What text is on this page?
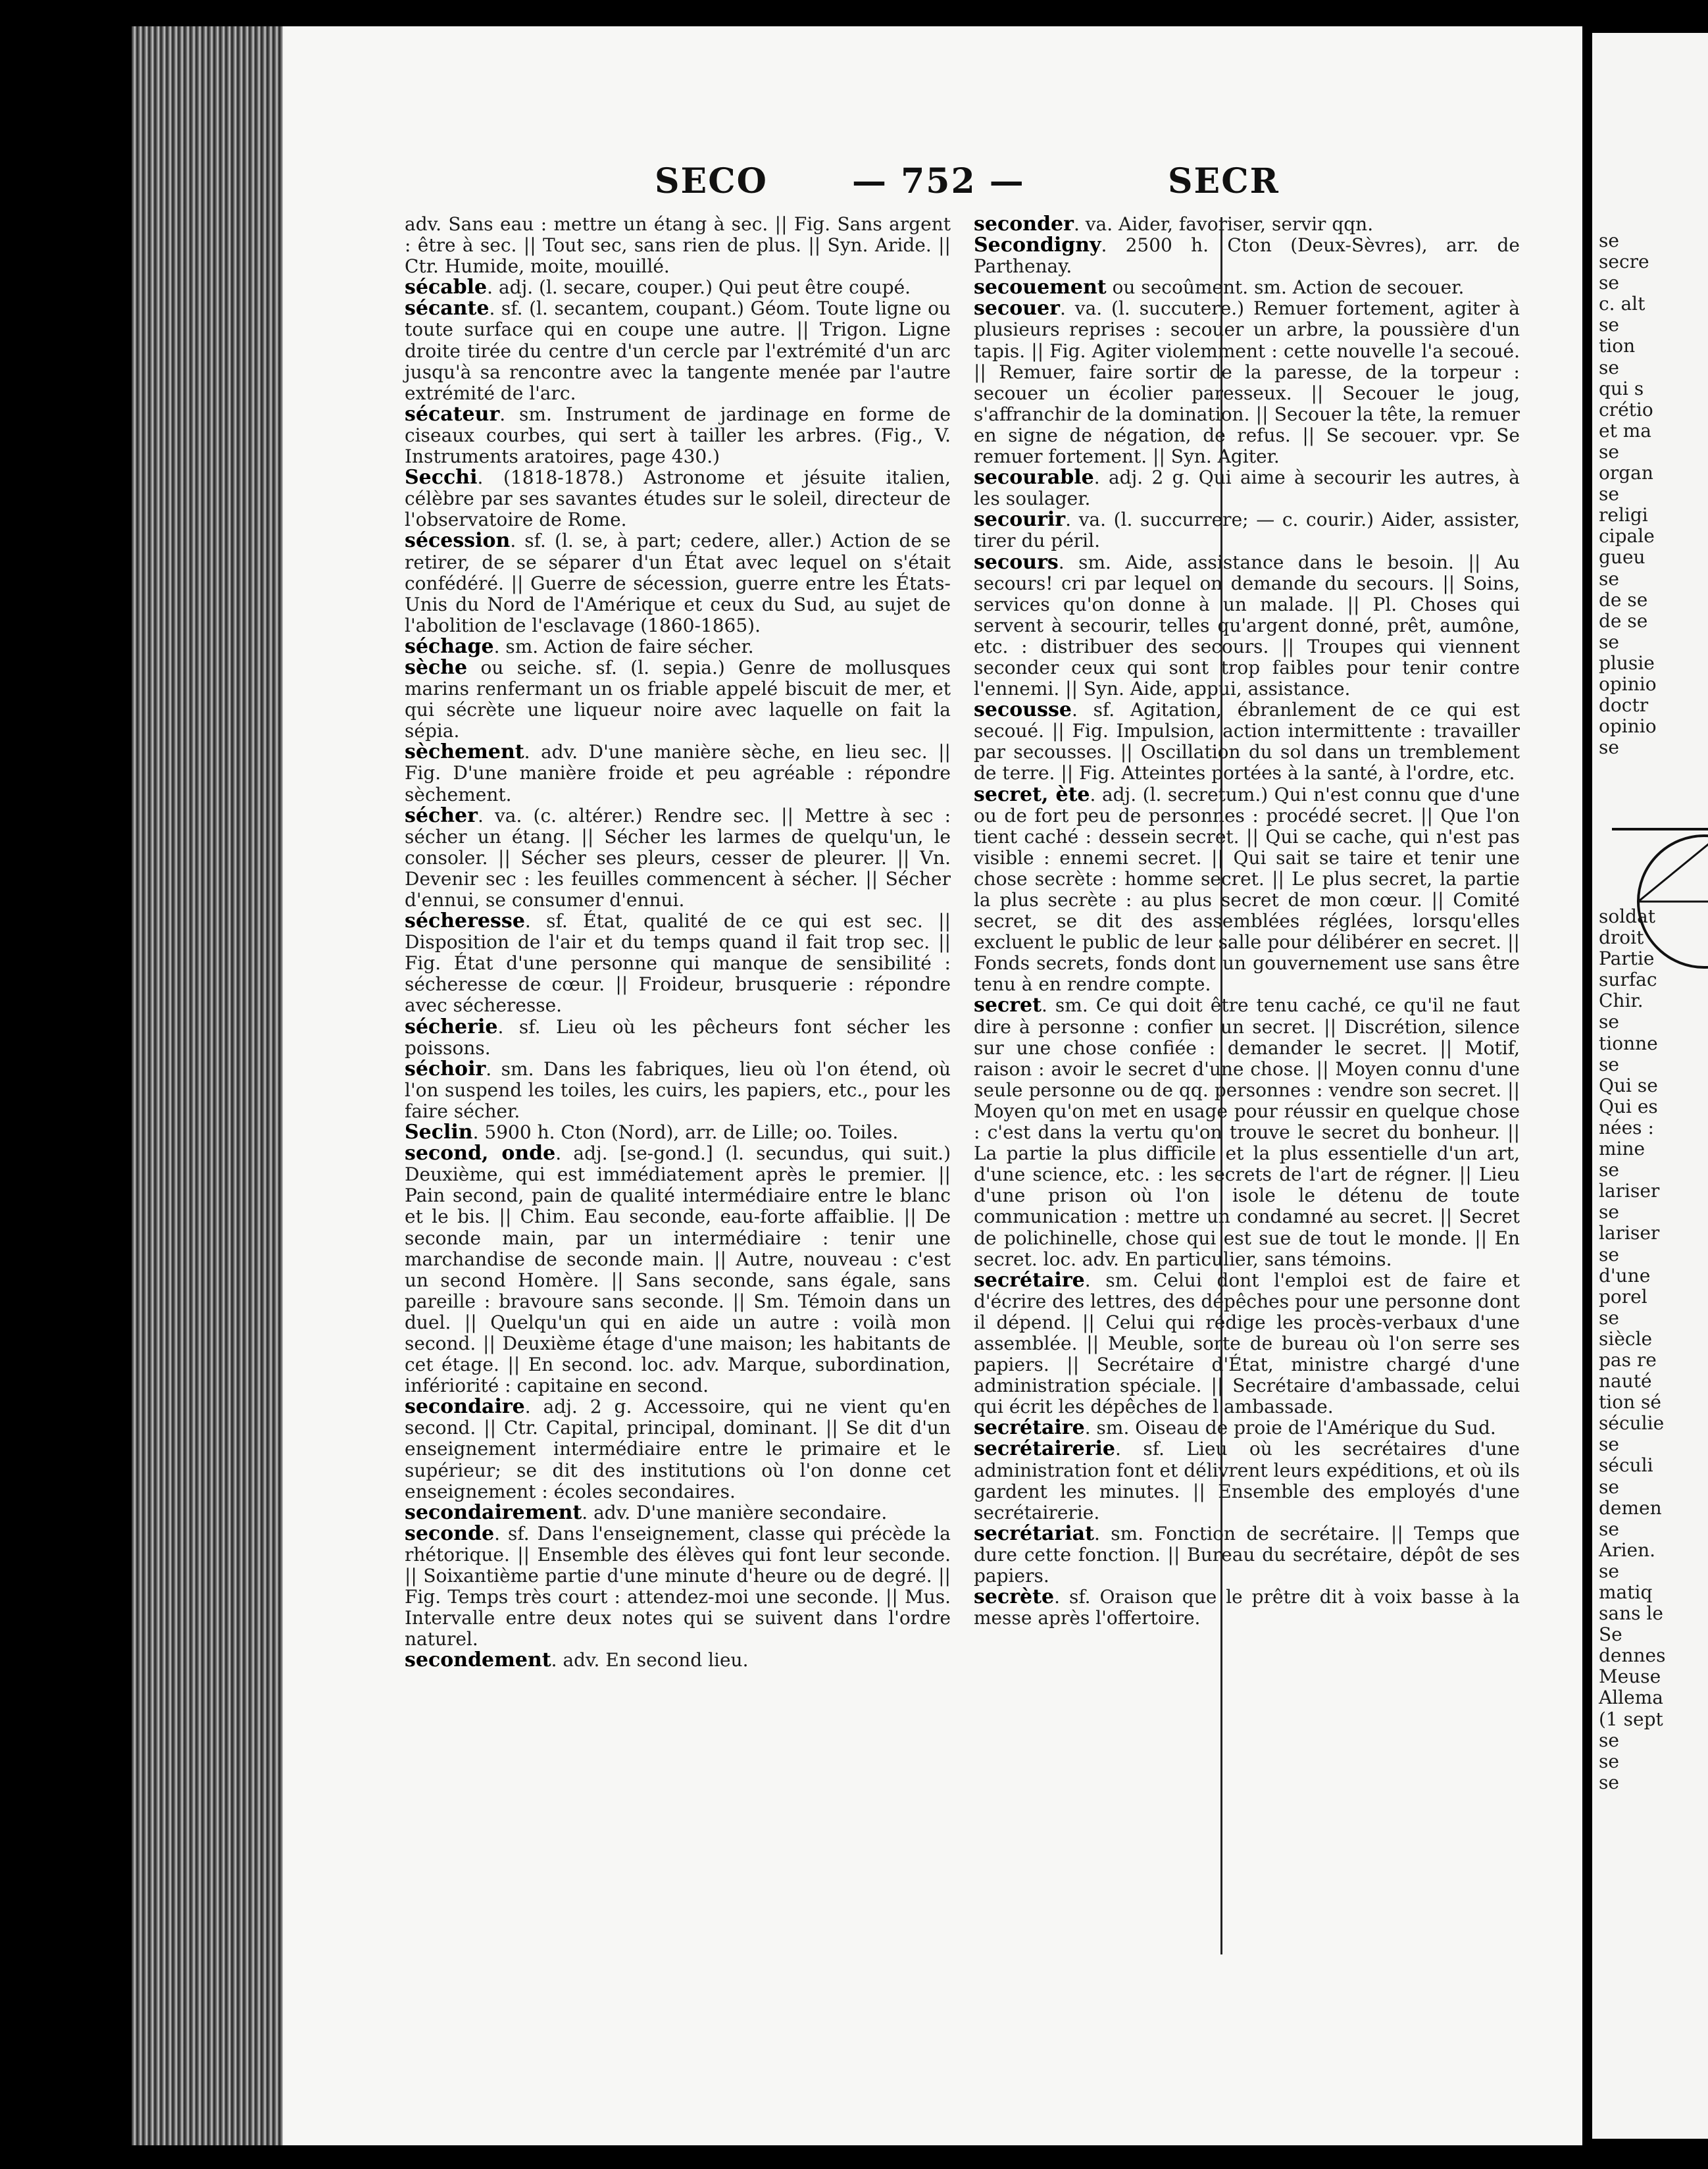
SECO — 752 —	SECR

adv. Sans eau : mettre un étang à sec. || Fig. Sans argent : être à sec. || Tout sec, sans rien de plus. || Syn. Aride. || Ctr. Humide, moite, mouillé.

sécable. adj. (l. secare, couper.) Qui peut être coupé.

sécante. sf. (l. secantem, coupant.) Géom. Toute ligne ou toute surface qui en coupe une autre. || Trigon. Ligne droite tirée du centre d'un cercle par l'extrémité d'un arc jusqu'à sa rencontre avec la tangente menée par l'autre extrémité de l'arc.

sécateur. sm. Instrument de jardinage en forme de ciseaux courbes, qui sert à tailler les arbres. (Fig., V. Instruments aratoires, page 430.)

Secchi. (1818-1878.) Astronome et jésuite italien, célèbre par ses savantes études sur le soleil, directeur de l'observatoire de Rome.

sécession. sf. (l. se, à part; cedere, aller.) Action de se retirer, de se séparer d'un État avec lequel on s'était confédéré. || Guerre de sécession, guerre entre les États-Unis du Nord de l'Amérique et ceux du Sud, au sujet de l'abolition de l'esclavage (1860-1865).

séchage. sm. Action de faire sécher.

sèche ou seiche. sf. (l. sepia.) Genre de mollusques marins renfermant un os friable appelé biscuit de mer, et qui sécrète une liqueur noire avec laquelle on fait la sépia.

sèchement. adv. D'une manière sèche, en lieu sec. || Fig. D'une manière froide et peu agréable : répondre sèchement.

sécher. va. (c. altérer.) Rendre sec. || Mettre à sec : sécher un étang. || Sécher les larmes de quelqu'un, le consoler. || Sécher ses pleurs, cesser de pleurer. || Vn. Devenir sec : les feuilles commencent à sécher. || Sécher d'ennui, se consumer d'ennui.

sécheresse. sf. État, qualité de ce qui est sec. || Disposition de l'air et du temps quand il fait trop sec. || Fig. État d'une personne qui manque de sensibilité : sécheresse de cœur. || Froideur, brusquerie : répondre avec sécheresse.

sécherie. sf. Lieu où les pêcheurs font sécher les poissons.

séchoir. sm. Dans les fabriques, lieu où l'on étend, où l'on suspend les toiles, les cuirs, les papiers, etc., pour les faire sécher.

Seclin. 5900 h. Cton (Nord), arr. de Lille; oo. Toiles.

second, onde. adj. [se-gond.] (l. secundus, qui suit.) Deuxième, qui est immédiatement après le premier. || Pain second, pain de qualité intermédiaire entre le blanc et le bis. || Chim. Eau seconde, eau-forte affaiblie. || De seconde main, par un intermédiaire : tenir une marchandise de seconde main. || Autre, nouveau : c'est un second Homère. || Sans seconde, sans égale, sans pareille : bravoure sans seconde. || Sm. Témoin dans un duel. || Quelqu'un qui en aide un autre : voilà mon second. || Deuxième étage d'une maison; les habitants de cet étage. || En second. loc. adv. Marque, subordination, infériorité : capitaine en second.

secondaire. adj. 2 g. Accessoire, qui ne vient qu'en second. || Ctr. Capital, principal, dominant. || Se dit d'un enseignement intermédiaire entre le primaire et le supérieur; se dit des institutions où l'on donne cet enseignement : écoles secondaires.

secondairement. adv. D'une manière secondaire.

seconde. sf. Dans l'enseignement, classe qui précède la rhétorique. || Ensemble des élèves qui font leur seconde. || Soixantième partie d'une minute d'heure ou de degré. || Fig. Temps très court : attendez-moi une seconde. || Mus. Intervalle entre deux notes qui se suivent dans l'ordre naturel.

secondement. adv. En second lieu.

seconder. va. Aider, favoriser, servir qqn.

Secondigny. 2500 h. Cton (Deux-Sèvres), arr. de Parthenay.

secouement ou secoûment. sm. Action de secouer.

secouer. va. (l. succutere.) Remuer fortement, agiter à plusieurs reprises : secouer un arbre, la poussière d'un tapis. || Fig. Agiter violemment : cette nouvelle l'a secoué. || Remuer, faire sortir de la paresse, de la torpeur : secouer un écolier paresseux. || Secouer le joug, s'affranchir de la domination. || Secouer la tête, la remuer en signe de négation, de refus. || Se secouer. vpr. Se remuer fortement. || Syn. Agiter.

secourable. adj. 2 g. Qui aime à secourir les autres, à les soulager.

secourir. va. (l. succurrere; — c. courir.) Aider, assister, tirer du péril.

secours. sm. Aide, assistance dans le besoin. || Au secours! cri par lequel on demande du secours. || Soins, services qu'on donne à un malade. || Pl. Choses qui servent à secourir, telles qu'argent donné, prêt, aumône, etc. : distribuer des secours. || Troupes qui viennent seconder ceux qui sont trop faibles pour tenir contre l'ennemi. || Syn. Aide, appui, assistance.

secousse. sf. Agitation, ébranlement de ce qui est secoué. || Fig. Impulsion, action intermittente : travailler par secousses. || Oscillation du sol dans un tremblement de terre. || Fig. Atteintes portées à la santé, à l'ordre, etc.

secret, ète. adj. (l. secretum.) Qui n'est connu que d'une ou de fort peu de personnes : procédé secret. || Que l'on tient caché : dessein secret. || Qui se cache, qui n'est pas visible : ennemi secret. || Qui sait se taire et tenir une chose secrète : homme secret. || Le plus secret, la partie la plus secrète : au plus secret de mon cœur. || Comité secret, se dit des assemblées réglées, lorsqu'elles excluent le public de leur salle pour délibérer en secret. || Fonds secrets, fonds dont un gouvernement use sans être tenu à en rendre compte.

secret. sm. Ce qui doit être tenu caché, ce qu'il ne faut dire à personne : confier un secret. || Discrétion, silence sur une chose confiée : demander le secret. || Motif, raison : avoir le secret d'une chose. || Moyen connu d'une seule personne ou de qq. personnes : vendre son secret. || Moyen qu'on met en usage pour réussir en quelque chose : c'est dans la vertu qu'on trouve le secret du bonheur. || La partie la plus difficile et la plus essentielle d'un art, d'une science, etc. : les secrets de l'art de régner. || Lieu d'une prison où l'on isole le détenu de toute communication : mettre un condamné au secret. || Secret de polichinelle, chose qui est sue de tout le monde. || En secret. loc. adv. En particulier, sans témoins.

secrétaire. sm. Celui dont l'emploi est de faire et d'écrire des lettres, des dépêches pour une personne dont il dépend. || Celui qui rédige les procès-verbaux d'une assemblée. || Meuble, sorte de bureau où l'on serre ses papiers. || Secrétaire d'État, ministre chargé d'une administration spéciale. || Secrétaire d'ambassade, celui qui écrit les dépêches de l'ambassade.

secrétaire. sm. Oiseau de proie de l'Amérique du Sud.

secrétairerie. sf. Lieu où les secrétaires d'une administration font et délivrent leurs expéditions, et où ils gardent les minutes. || Ensemble des employés d'une secrétairerie.

secrétariat. sm. Fonction de secrétaire. || Temps que dure cette fonction. || Bureau du secrétaire, dépôt de ses papiers.

secrète. sf. Oraison que le prêtre dit à voix basse à la messe après l'offertoire.

se
secre
se
c. alt
se
tion
se
qui s
crétio
et ma
se
organ
se
religi
cipale
gueu
se
de se
de se
se
plusie
opinio
doctr
opinio
se
soldat
droit
Partie
surfac
Chir.
se
tionne
se
Qui se
Qui es
nées :
mine
se
lariser
se
lariser
se
d'une
porel
se
siècle
pas re
nauté
tion sé
séculie
se
séculi
se
demen
se
Arien.
se
matiq
sans le
Se
dennes
Meuse
Allema
(1 sept
se
se
se
